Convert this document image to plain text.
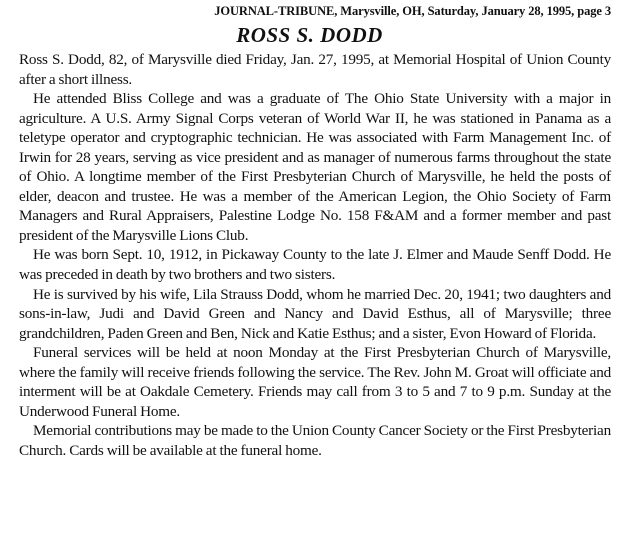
JOURNAL-TRIBUNE, Marysville, OH, Saturday, January 28, 1995, page 3
ROSS S. DODD

Ross S. Dodd, 82, of Marysville died Friday, Jan. 27, 1995, at Memorial Hospital of Union County after a short illness.

He attended Bliss College and was a graduate of The Ohio State University with a major in agriculture. A U.S. Army Signal Corps veteran of World War II, he was stationed in Panama as a teletype operator and cryptographic technician. He was associated with Farm Management Inc. of Irwin for 28 years, serving as vice president and as manager of numerous farms throughout the state of Ohio. A longtime member of the First Presbyterian Church of Marysville, he held the posts of elder, deacon and trustee. He was a member of the American Legion, the Ohio Society of Farm Managers and Rural Appraisers, Palestine Lodge No. 158 F&AM and a former member and past president of the Marysville Lions Club.

He was born Sept. 10, 1912, in Pickaway County to the late J. Elmer and Maude Senff Dodd. He was preceded in death by two brothers and two sisters.

He is survived by his wife, Lila Strauss Dodd, whom he married Dec. 20, 1941; two daughters and sons-in-law, Judi and David Green and Nancy and David Esthus, all of Marysville; three grandchildren, Paden Green and Ben, Nick and Katie Esthus; and a sister, Evon Howard of Florida.

Funeral services will be held at noon Monday at the First Presbyterian Church of Marysville, where the family will receive friends following the service. The Rev. John M. Groat will officiate and interment will be at Oakdale Cemetery. Friends may call from 3 to 5 and 7 to 9 p.m. Sunday at the Underwood Funeral Home.

Memorial contributions may be made to the Union County Cancer Society or the First Presbyterian Church. Cards will be available at the funeral home.
